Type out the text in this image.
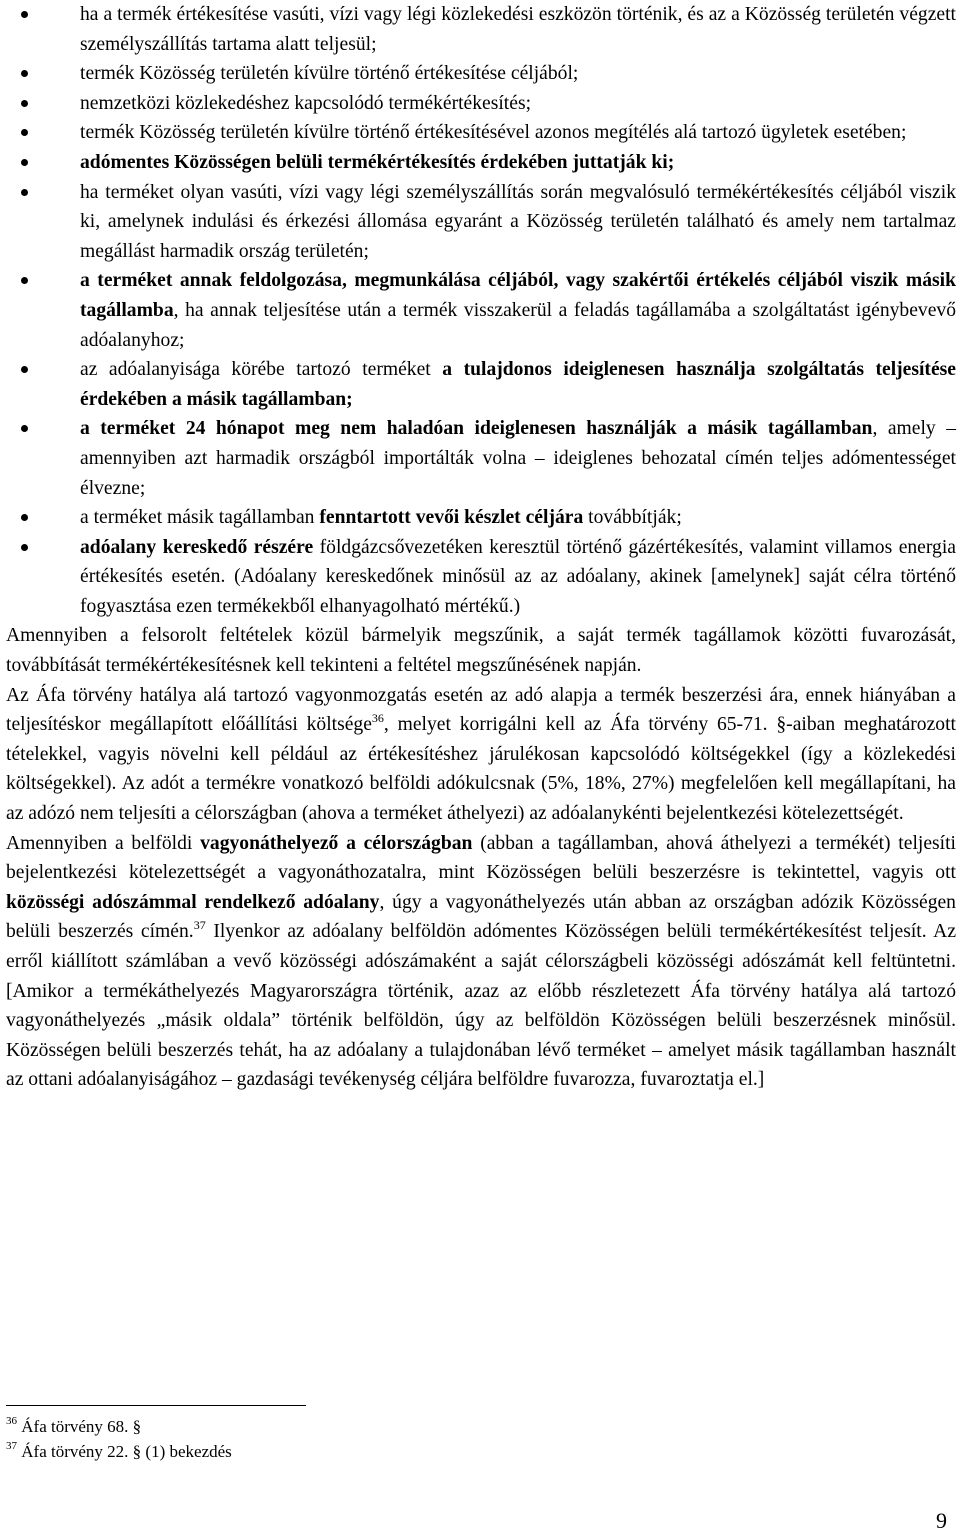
ha a termék értékesítése vasúti, vízi vagy légi közlekedési eszközön történik, és az a Közösség területén végzett személyszállítás tartama alatt teljesül;
termék Közösség területén kívülre történő értékesítése céljából;
nemzetközi közlekedéshez kapcsolódó termékértékesítés;
termék Közösség területén kívülre történő értékesítésével azonos megítélés alá tartozó ügyletek esetében;
adómentes Közösségen belüli termékértékesítés érdekében juttatják ki;
ha terméket olyan vasúti, vízi vagy légi személyszállítás során megvalósuló termékértékesítés céljából viszik ki, amelynek indulási és érkezési állomása egyaránt a Közösség területén található és amely nem tartalmaz megállást harmadik ország területén;
a terméket annak feldolgozása, megmunkálása céljából, vagy szakértői értékelés céljából viszik másik tagállamba, ha annak teljesítése után a termék visszakerül a feladás tagállamába a szolgáltatást igénybevevő adóalanyhoz;
az adóalanyisága körébe tartozó terméket a tulajdonos ideiglenesen használja szolgáltatás teljesítése érdekében a másik tagállamban;
a terméket 24 hónapot meg nem haladóan ideiglenesen használják a másik tagállamban, amely – amennyiben azt harmadik országból importálták volna – ideiglenes behozatal címén teljes adómentességet élvezne;
a terméket másik tagállamban fenntartott vevői készlet céljára továbbítják;
adóalany kereskedő részére földgázcsővezetéken keresztül történő gázértékesítés, valamint villamos energia értékesítés esetén. (Adóalany kereskedőnek minősül az az adóalany, akinek [amelynek] saját célra történő fogyasztása ezen termékekből elhanyagolható mértékű.)

Amennyiben a felsorolt feltételek közül bármelyik megszűnik, a saját termék tagállamok közötti fuvarozását, továbbítását termékértékesítésnek kell tekinteni a feltétel megszűnésének napján.

Az Áfa törvény hatálya alá tartozó vagyonmozgatás esetén az adó alapja a termék beszerzési ára, ennek hiányában a teljesítéskor megállapított előállítási költsége$^{36}$, melyet korrigálni kell az Áfa törvény 65-71. §-aiban meghatározott tételekkel, vagyis növelni kell például az értékesítéshez járulékosan kapcsolódó költségekkel (így a közlekedési költségekkel). Az adót a termékre vonatkozó belföldi adókulcsnak (5%, 18%, 27%) megfelelően kell megállapítani, ha az adózó nem teljesíti a célországban (ahova a terméket áthelyezi) az adóalanykénti bejelentkezési kötelezettségét.

Amennyiben a belföldi vagyonáthelyező a célországban (abban a tagállamban, ahová áthelyezi a termékét) teljesíti bejelentkezési kötelezettségét a vagyonáthozatalra, mint Közösségen belüli beszerzésre is tekintettel, vagyis ott közösségi adószámmal rendelkező adóalany, úgy a vagyonáthelyezés után abban az országban adózik Közösségen belüli beszerzés címén.$^{37}$ Ilyenkor az adóalany belföldön adómentes Közösségen belüli termékértékesítést teljesít. Az erről kiállított számlában a vevő közösségi adószámaként a saját célországbeli közösségi adószámát kell feltüntetni. [Amikor a termékáthelyezés Magyarországra történik, azaz az előbb részletezett Áfa törvény hatálya alá tartozó vagyonáthelyezés „másik oldala” történik belföldön, úgy az belföldön Közösségen belüli beszerzésnek minősül. Közösségen belüli beszerzés tehát, ha az adóalany a tulajdonában lévő terméket – amelyet másik tagállamban használt az ottani adóalanyiságához – gazdasági tevékenység céljára belföldre fuvarozza, fuvaroztatja el.]

$^{36}$ Áfa törvény 68. §
$^{37}$ Áfa törvény 22. § (1) bekezdés
9
